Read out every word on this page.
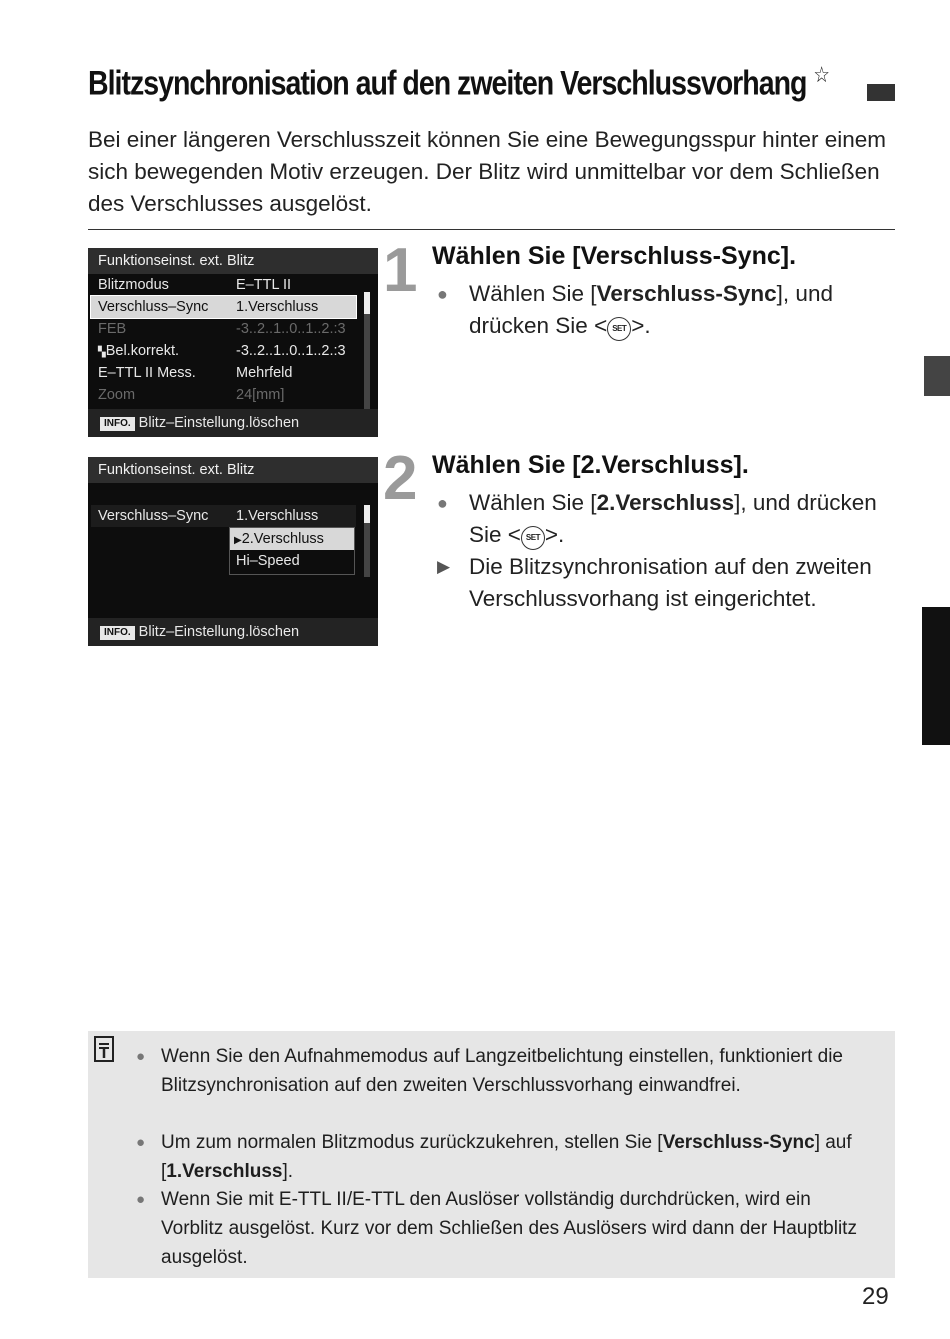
Blitzsynchronisation auf den zweiten Verschlussvorhang ☆

Bei einer längeren Verschlusszeit können Sie eine Bewegungsspur hinter einem sich bewegenden Motiv erzeugen. Der Blitz wird unmittelbar vor dem Schließen des Verschlusses ausgelöst.

Funktionseinst. ext. Blitz
Blitzmodus	E–TTL II
Verschluss–Sync 1.Verschluss
FEB	-3..2..1..0..1..2.:3
▚Bel.korrekt.	-3..2..1..0..1..2.:3
E–TTL II Mess.	Mehrfeld
Zoom	24[mm]
INFO. Blitz–Einstellung.löschen
Funktionseinst. ext. Blitz
Verschluss–Sync 1.Verschluss
▶2.Verschluss
Hi–Speed
INFO. Blitz–Einstellung.löschen
1 Wählen Sie [Verschluss-Sync].
● Wählen Sie [Verschluss-Sync], und drücken Sie < SET >.
2 Wählen Sie [2.Verschluss].
● Wählen Sie [2.Verschluss], und drücken Sie < SET >.
▶ Die Blitzsynchronisation auf den zweiten Verschlussvorhang ist eingerichtet.
● Wenn Sie den Aufnahmemodus auf Langzeitbelichtung einstellen, funktioniert die Blitzsynchronisation auf den zweiten Verschlussvorhang einwandfrei.
● Um zum normalen Blitzmodus zurückzukehren, stellen Sie [Verschluss-Sync] auf [1.Verschluss].
● Wenn Sie mit E-TTL II/E-TTL den Auslöser vollständig durchdrücken, wird ein Vorblitz ausgelöst. Kurz vor dem Schließen des Auslösers wird dann der Hauptblitz ausgelöst.
29
